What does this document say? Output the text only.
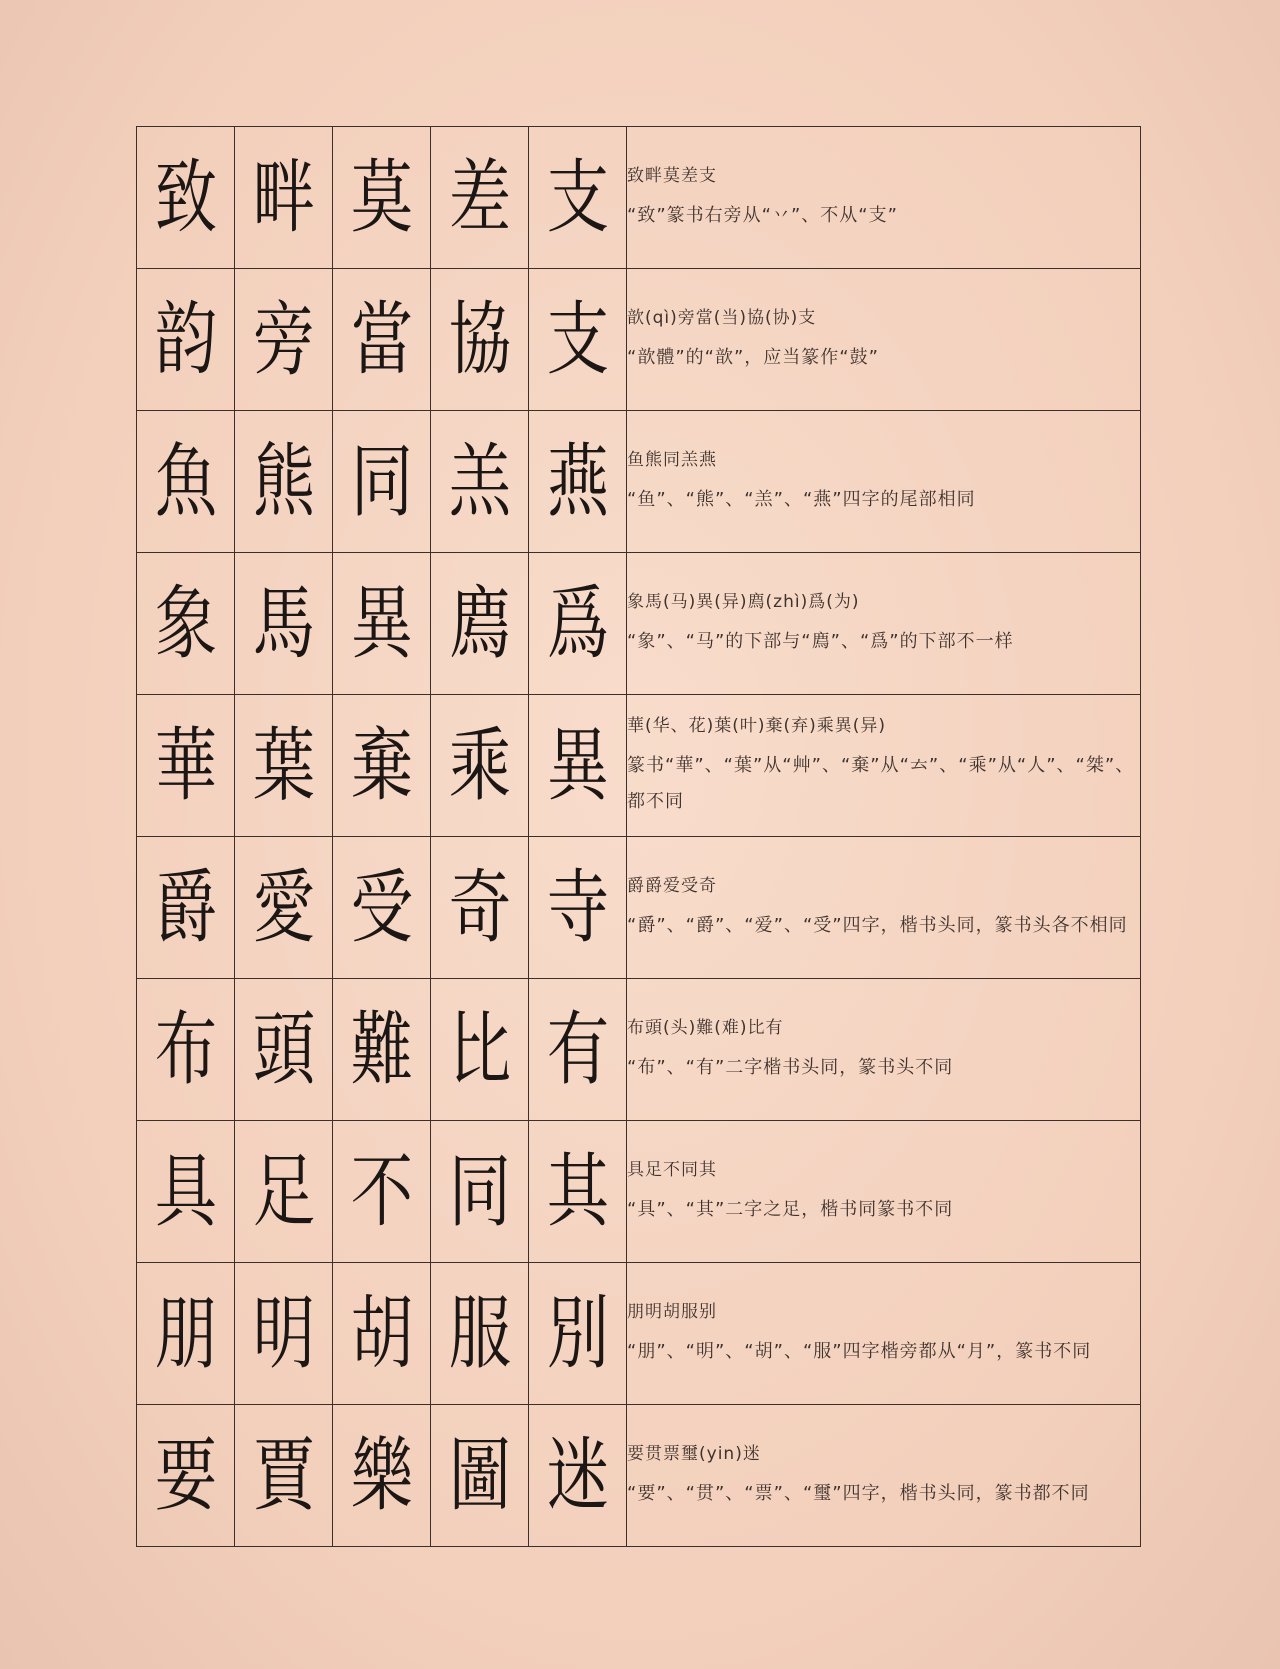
致	畔	莫	差	支	致畔莫差支
“致”篆书右旁从“丷”、不从“支”

韵	旁	當	協	支	歆(qì)旁當(当)協(协)支
“歆體”的“歆”，应当篆作“鼓”

魚	熊	同	羔	燕	鱼熊同羔燕
“鱼”、“熊”、“羔”、“燕”四字的尾部相同

象	馬	異	廌	爲	象馬(马)異(异)廌(zhì)爲(为)
“象”、“马”的下部与“廌”、“爲”的下部不一样

華	葉	棄	乘	異	華(华、花)葉(叶)棄(弃)乘異(异)
篆书“華”、“葉”从“艸”、“棄”从“𠫓”、“乘”从“人”、“桀”、都不同

爵	愛	受	奇	寺	爵爵爱受奇
“爵”、“爵”、“爱”、“受”四字，楷书头同，篆书头各不相同

布	頭	難	比	有	布頭(头)難(难)比有
“布”、“有”二字楷书头同，篆书头不同

具	足	不	同	其	具足不同其
“具”、“其”二字之足，楷书同篆书不同

朋	明	胡	服	別	朋明胡服别
“朋”、“明”、“胡”、“服”四字楷旁都从“月”，篆书不同

要	賈	樂	圖	迷	要贯票璽(yin)迷
“要”、“贯”、“票”、“璽”四字，楷书头同，篆书都不同
